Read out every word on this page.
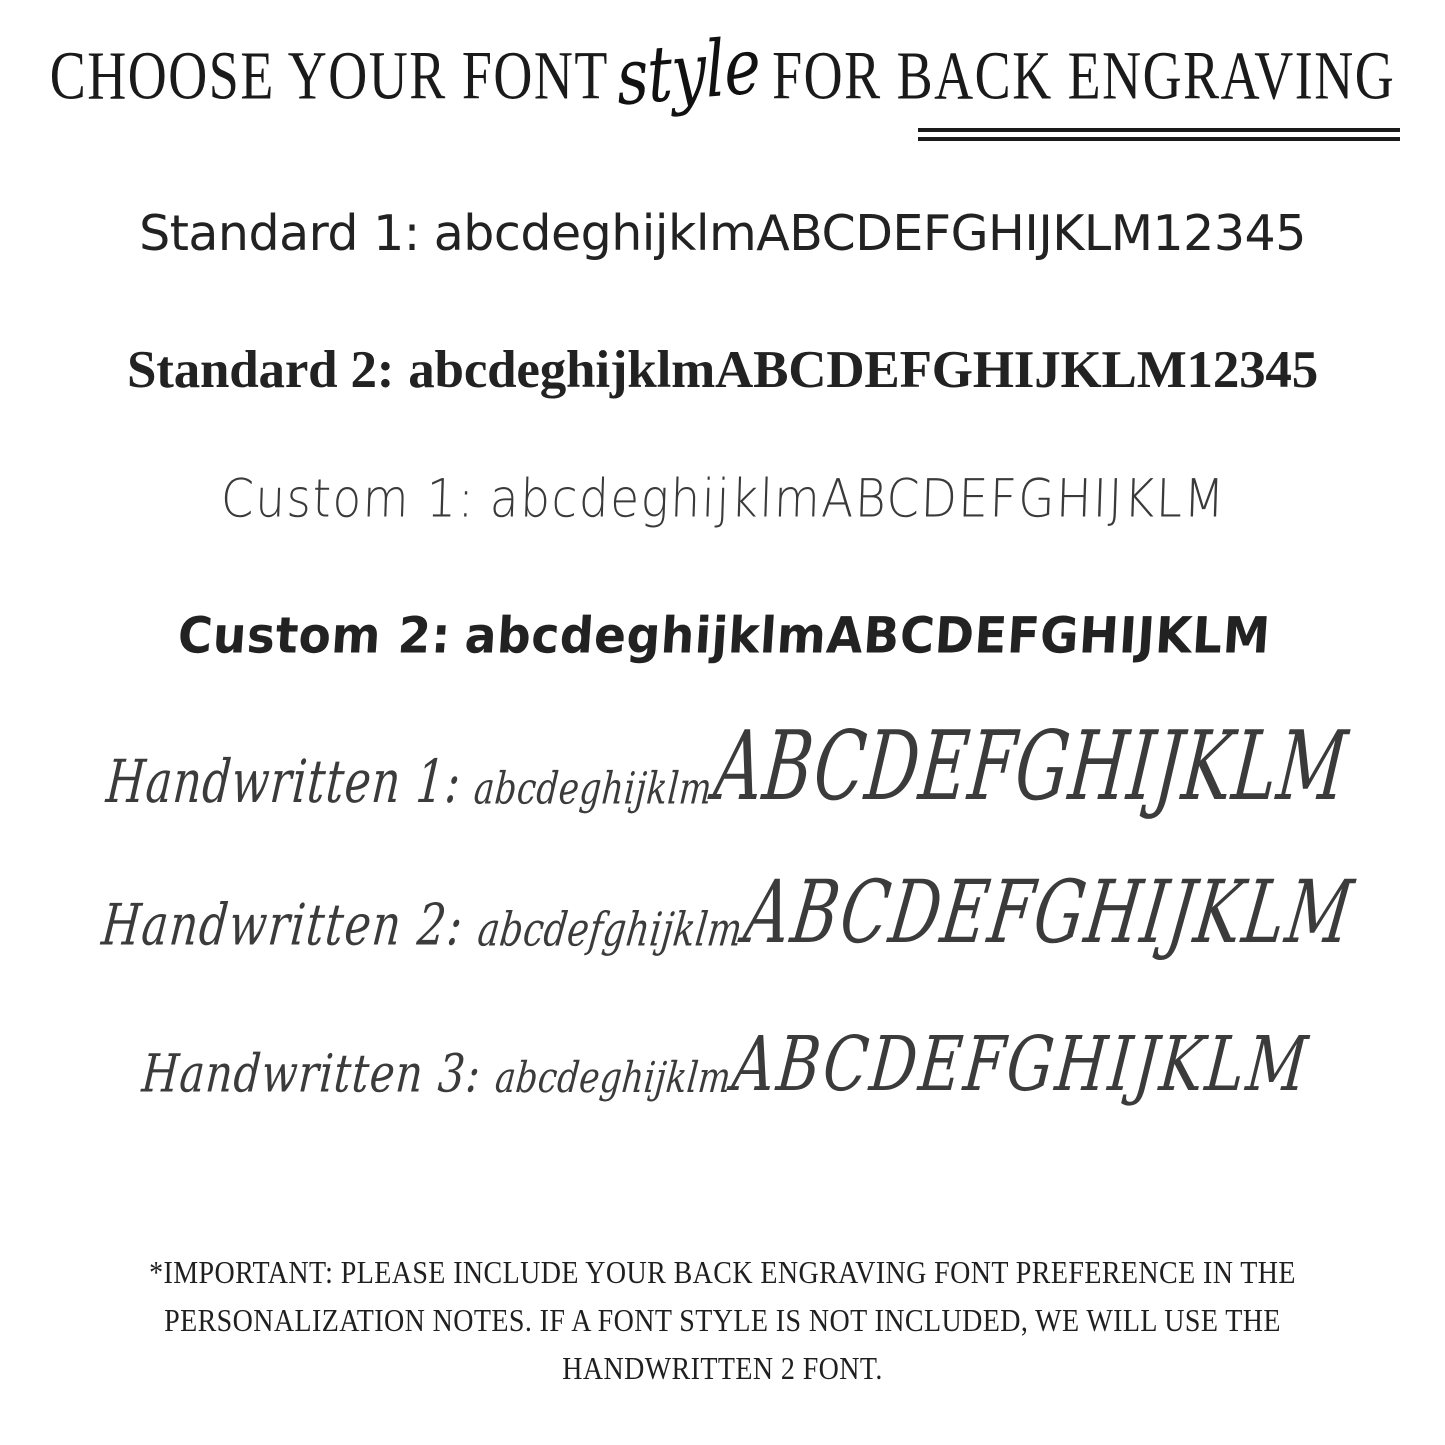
CHOOSE YOUR FONT style FOR BACK ENGRAVING
Standard 1: abcdeghijklmABCDEFGHIJKLM12345
Standard 2: abcdeghijklmABCDEFGHIJKLM12345
Custom 1: abcdeghijklmABCDEFGHIJKLM
Custom 2: abcdeghijklmABCDEFGHIJKLM
Handwritten 1: abcdeghijklm
ABCDEFGHIJKLM
Handwritten 2: abcdefghijklm
ABCDEFGHIJKLM
Handwritten 3: abcdeghijklm
ABCDEFGHIJKLM

*IMPORTANT: PLEASE INCLUDE YOUR BACK ENGRAVING FONT PREFERENCE IN THE
PERSONALIZATION NOTES. IF A FONT STYLE IS NOT INCLUDED, WE WILL USE THE
HANDWRITTEN 2 FONT.
